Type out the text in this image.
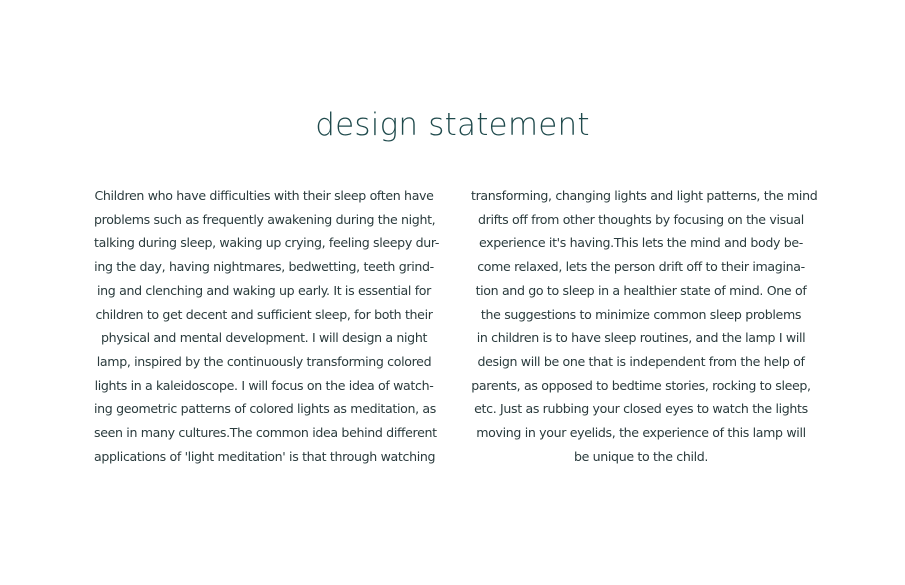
design statement
Children who have difficulties with their sleep often have
problems such as frequently awakening during the night,
talking during sleep, waking up crying, feeling sleepy dur-
ing the day, having nightmares, bedwetting, teeth grind-
ing and clenching and waking up early. It is essential for
children to get decent and sufficient sleep, for both their
physical and mental development. I will design a night
lamp, inspired by the continuously transforming colored
lights in a kaleidoscope. I will focus on the idea of watch-
ing geometric patterns of colored lights as meditation, as
seen in many cultures.The common idea behind different
applications of 'light meditation' is that through watching
transforming, changing lights and light patterns, the mind
drifts off from other thoughts by focusing on the visual
experience it's having.This lets the mind and body be-
come relaxed, lets the person drift off to their imagina-
tion and go to sleep in a healthier state of mind. One of
the suggestions to minimize common sleep problems
in children is to have sleep routines, and the lamp I will
design will be one that is independent from the help of
parents, as opposed to bedtime stories, rocking to sleep,
etc. Just as rubbing your closed eyes to watch the lights
moving in your eyelids, the experience of this lamp will
be unique to the child.
